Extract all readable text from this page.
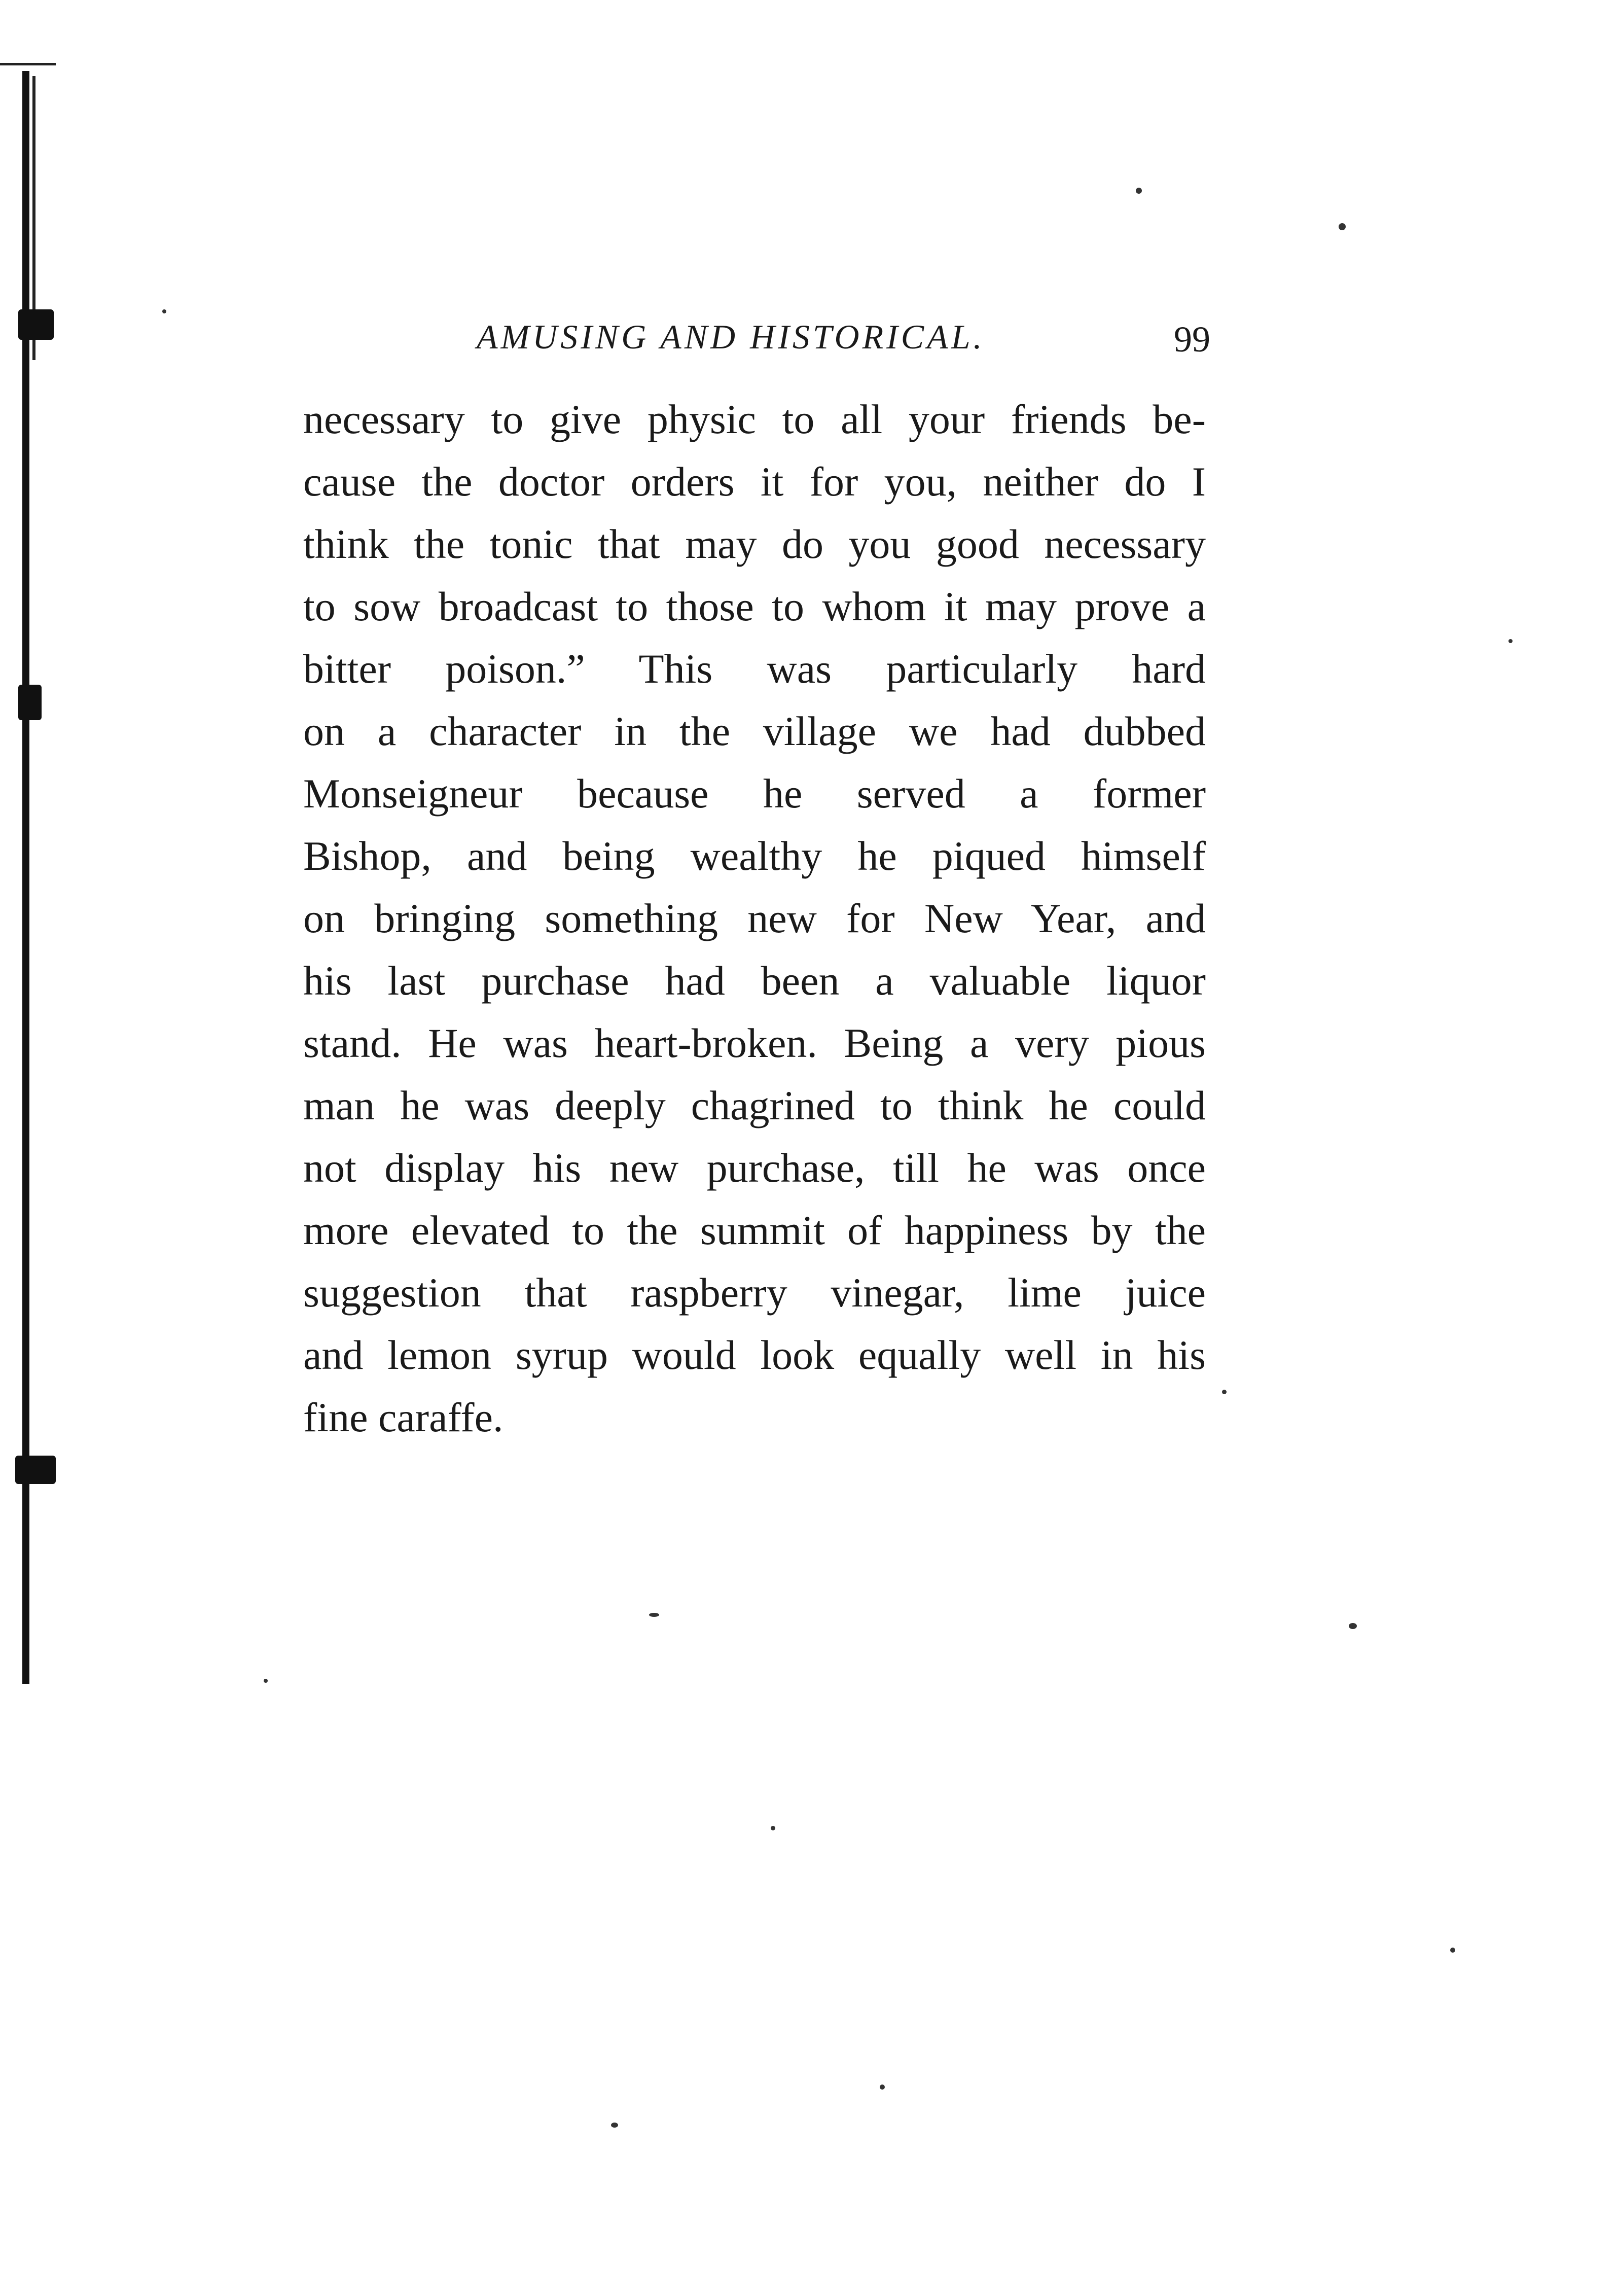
AMUSING AND HISTORICAL.	99
necessary to give physic to all your friends be-
cause the doctor orders it for you, neither do I
think the tonic that may do you good necessary
to sow broadcast to those to whom it may prove a
bitter poison.” This was particularly hard
on a character in the village we had dubbed
Monseigneur because he served a former
Bishop, and being wealthy he piqued himself
on bringing something new for New Year, and
his last purchase had been a valuable liquor
stand. He was heart-broken. Being a very pious
man he was deeply chagrined to think he could
not display his new purchase, till he was once
more elevated to the summit of happiness by the
suggestion that raspberry vinegar, lime juice
and lemon syrup would look equally well in his
fine caraffe.
